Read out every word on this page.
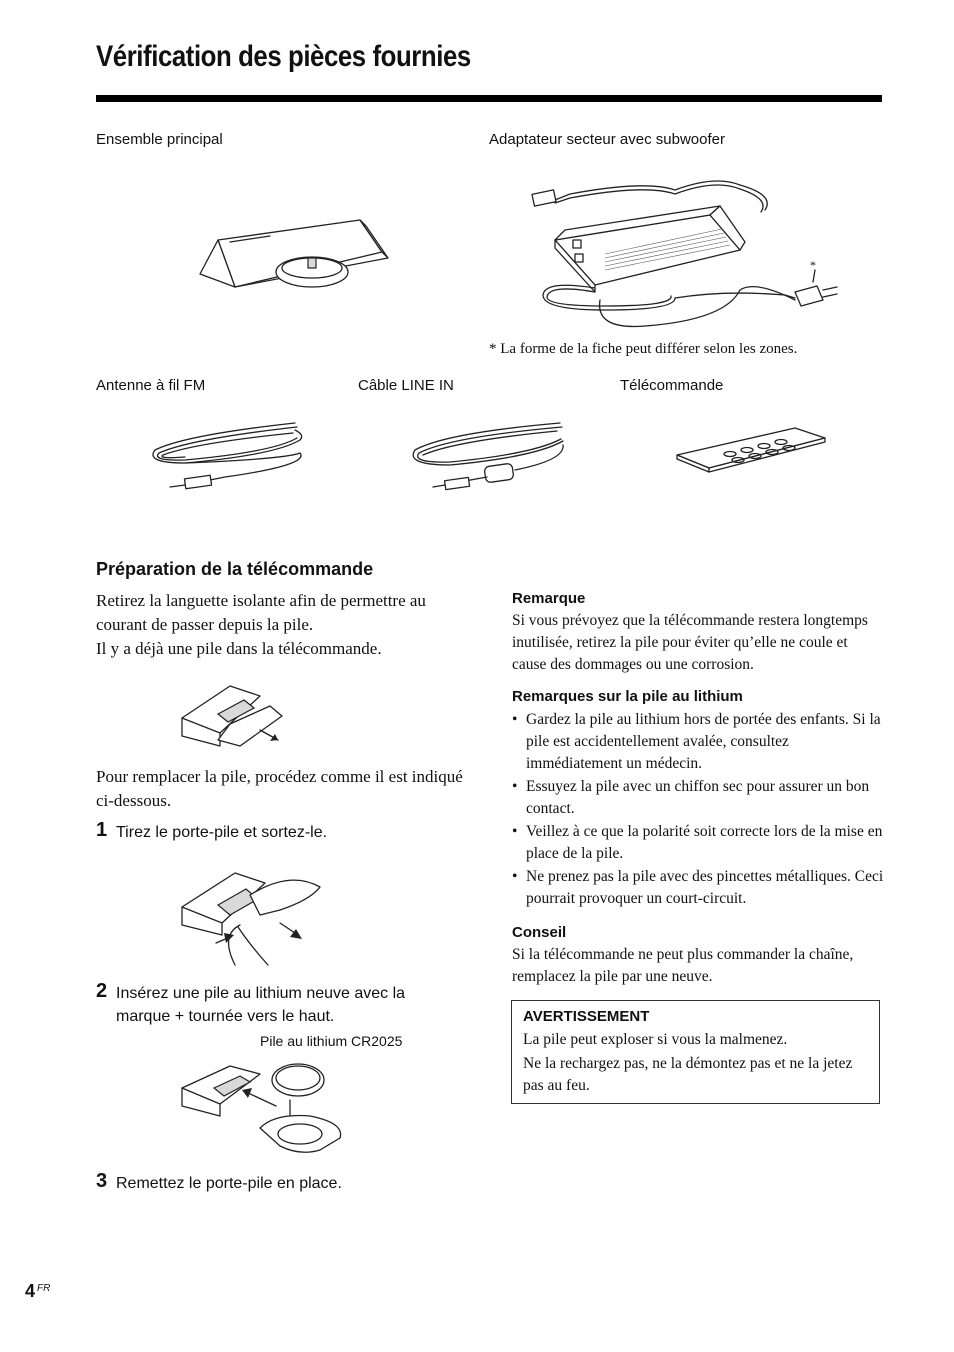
Vérification des pièces fournies
Ensemble principal	Adaptateur secteur avec subwoofer
* La forme de la fiche peut différer selon les zones.
Antenne à fil FM	Câble LINE IN	Télécommande
*
Préparation de la télécommande
Retirez la languette isolante afin de permettre au courant de passer depuis la pile.
Il y a déjà une pile dans la télécommande.
Pour remplacer la pile, procédez comme il est indiqué ci-dessous.
1 Tirez le porte-pile et sortez-le.
2 Insérez une pile au lithium neuve avec la marque + tournée vers le haut.
Pile au lithium CR2025
3 Remettez le porte-pile en place.
Remarque
Si vous prévoyez que la télécommande restera longtemps inutilisée, retirez la pile pour éviter qu’elle ne coule et cause des dommages ou une corrosion.
Remarques sur la pile au lithium
• Gardez la pile au lithium hors de portée des enfants. Si la pile est accidentellement avalée, consultez immédiatement un médecin.
• Essuyez la pile avec un chiffon sec pour assurer un bon contact.
• Veillez à ce que la polarité soit correcte lors de la mise en place de la pile.
• Ne prenez pas la pile avec des pincettes métalliques. Ceci pourrait provoquer un court-circuit.
Conseil
Si la télécommande ne peut plus commander la chaîne, remplacez la pile par une neuve.
AVERTISSEMENT
La pile peut exploser si vous la malmenez.
Ne la rechargez pas, ne la démontez pas et ne la jetez pas au feu.
4 FR
